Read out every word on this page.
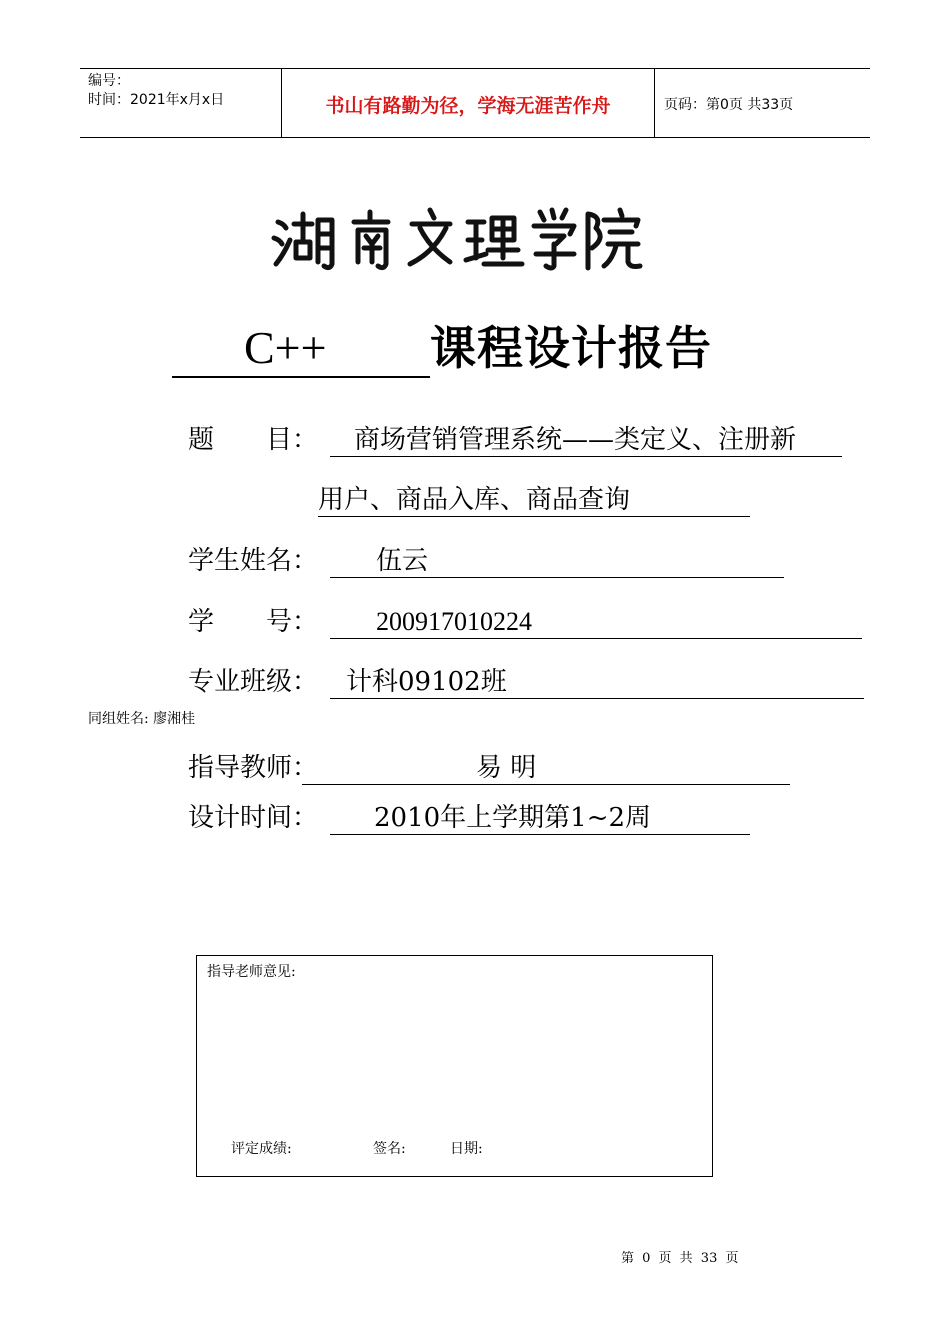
编号：
时间：2021年x月x日	书山有路勤为径，学海无涯苦作舟	页码：第0页 共33页
C++ 课程设计报告
题　　目： 商场营销管理系统——类定义、注册新
用户、商品入库、商品查询
学生姓名： 伍云
学　　号： 200917010224
专业班级： 计科09102班
同组姓名: 廖湘桂
指导教师：	易 明
设计时间： 2010年上学期第1~2周
指导老师意见:
评定成绩:	签名:	日期:
第 0 页 共 33 页
